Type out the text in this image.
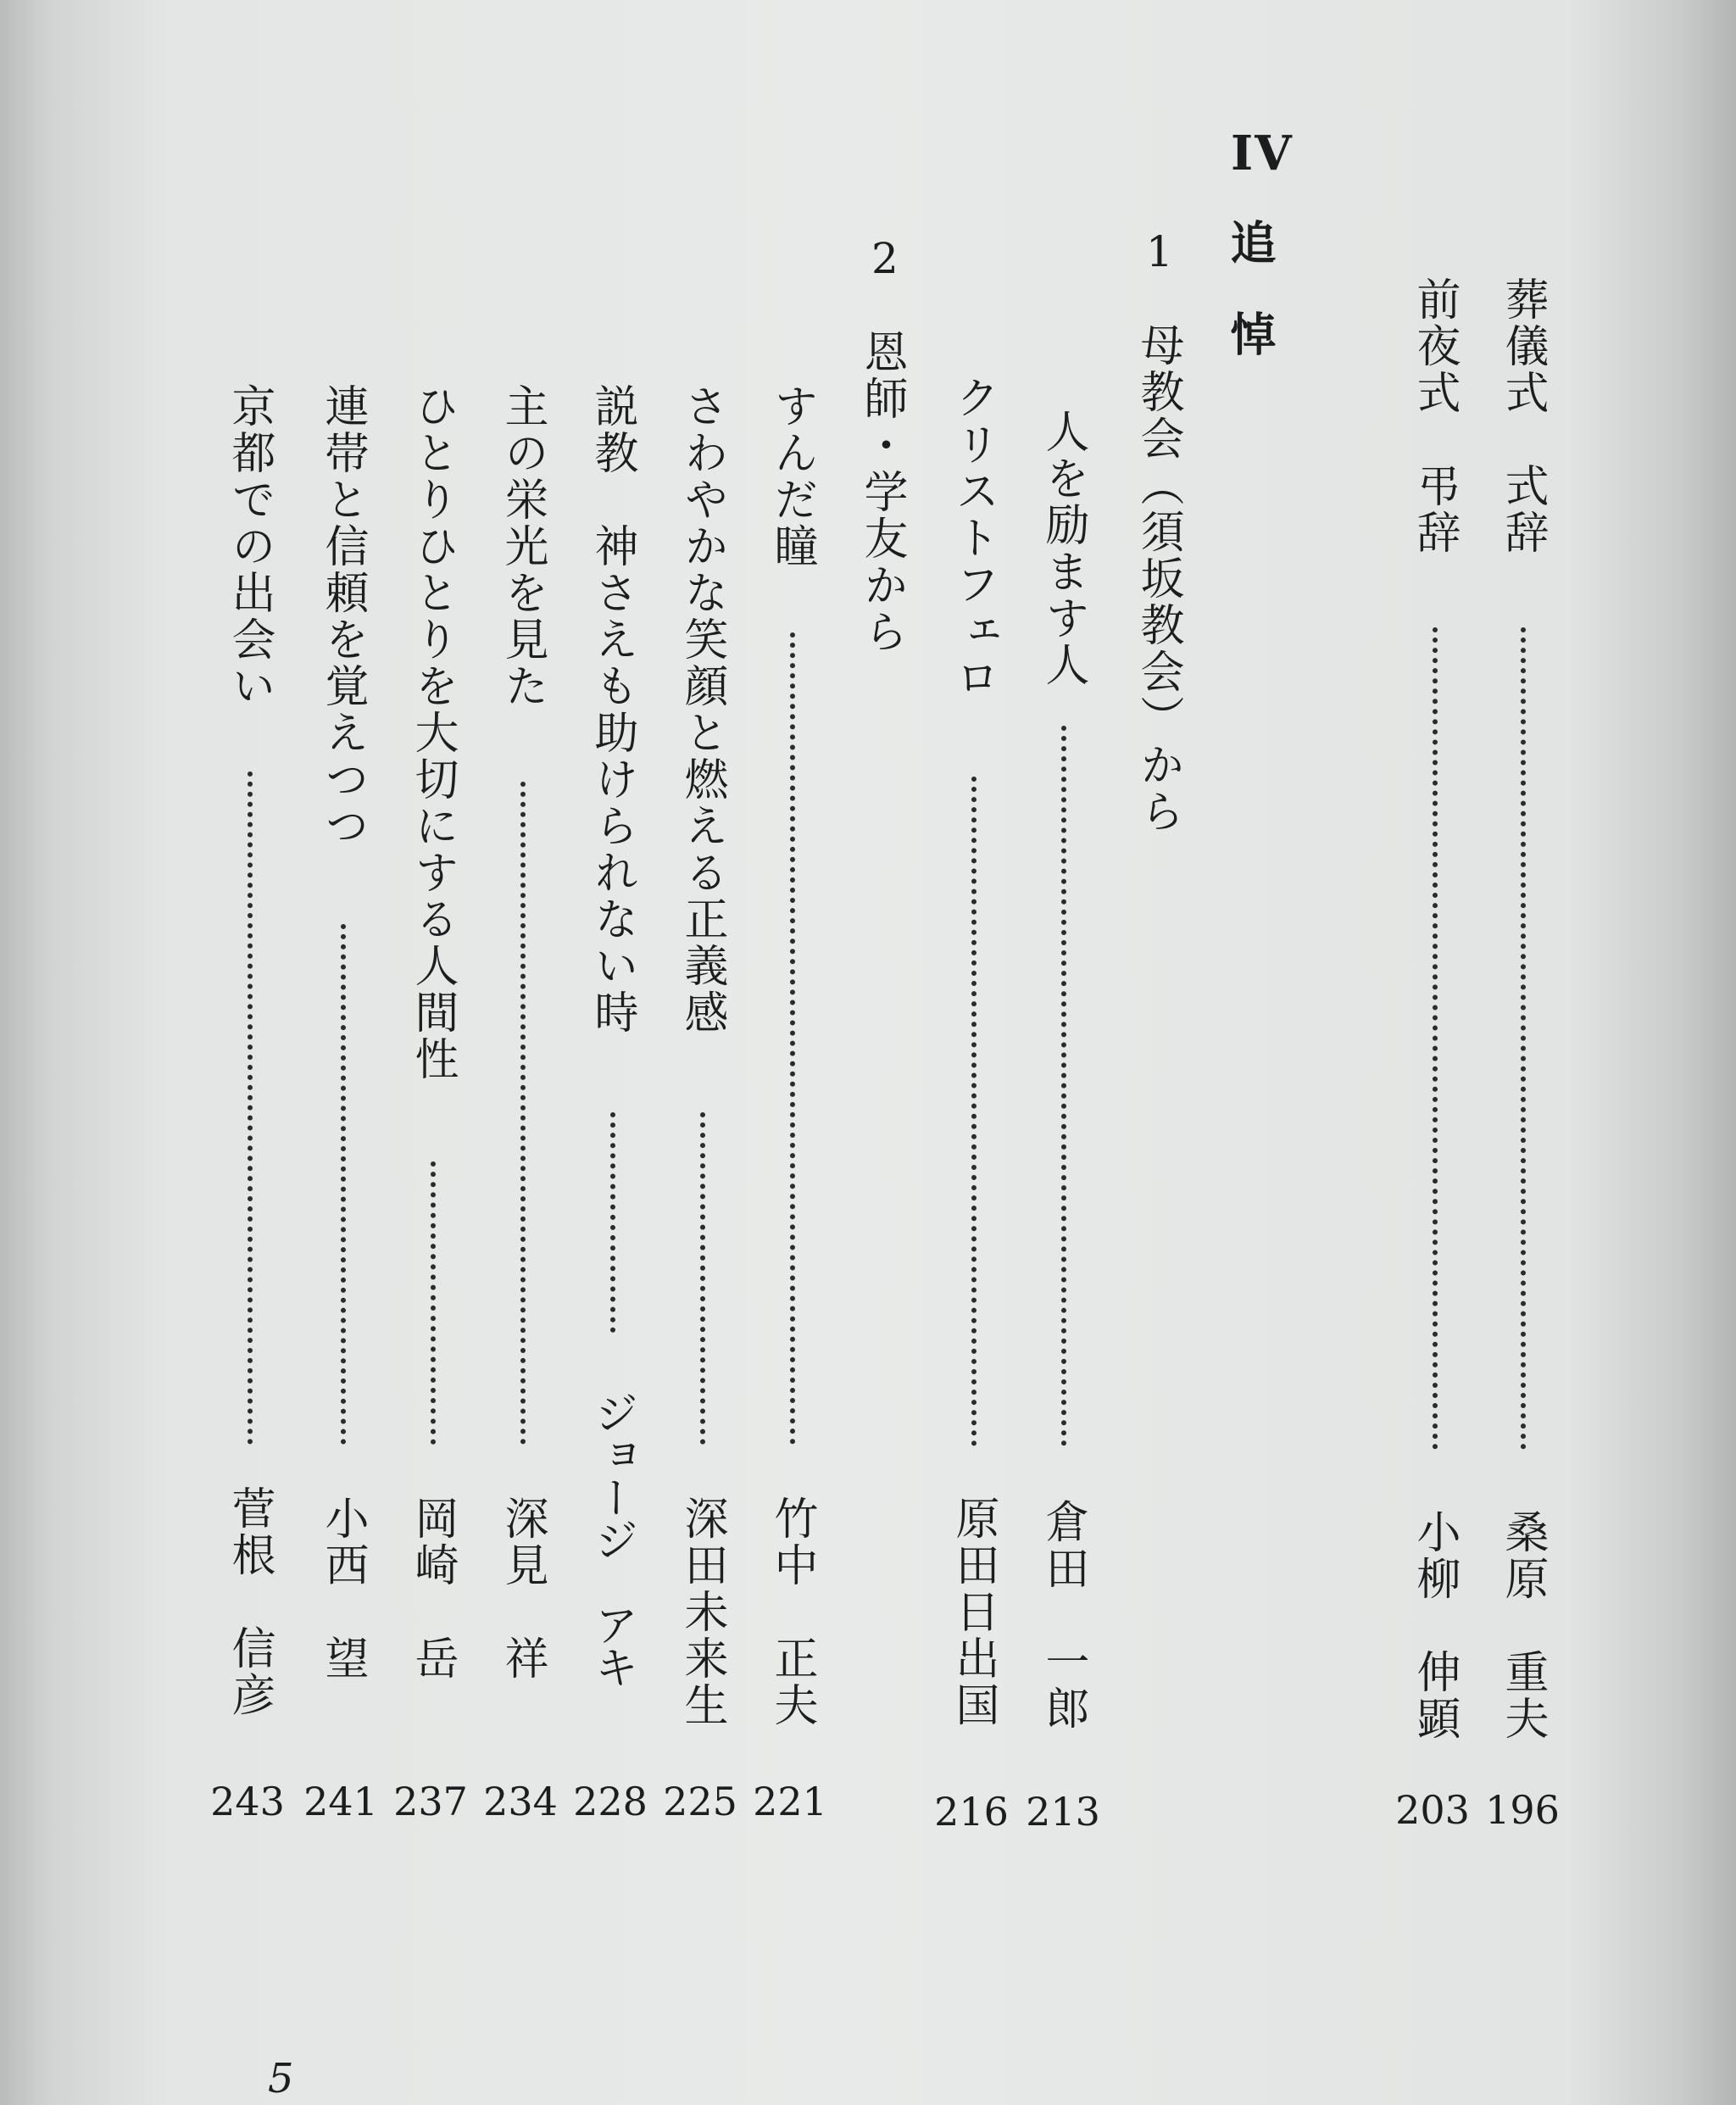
IV
追　悼
1
母教会（須坂教会）から
2
恩師・学友から	葬儀式　式辞
桑原　重夫
196
前夜式　弔辞
小柳　伸顕
203
人を励ます人
倉田　一郎
213
クリストフェロ
原田日出国
216
すんだ瞳
竹中　正夫
221
さわやかな笑顔と燃える正義感
深田未来生
225
説教　神さえも助けられない時
ジョージ　アキ
228
主の栄光を見た
深見　祥
234
ひとりひとりを大切にする人間性
岡崎　岳
237
連帯と信頼を覚えつつ
小西　望
241
京都での出会い
菅根　信彦
243
5
